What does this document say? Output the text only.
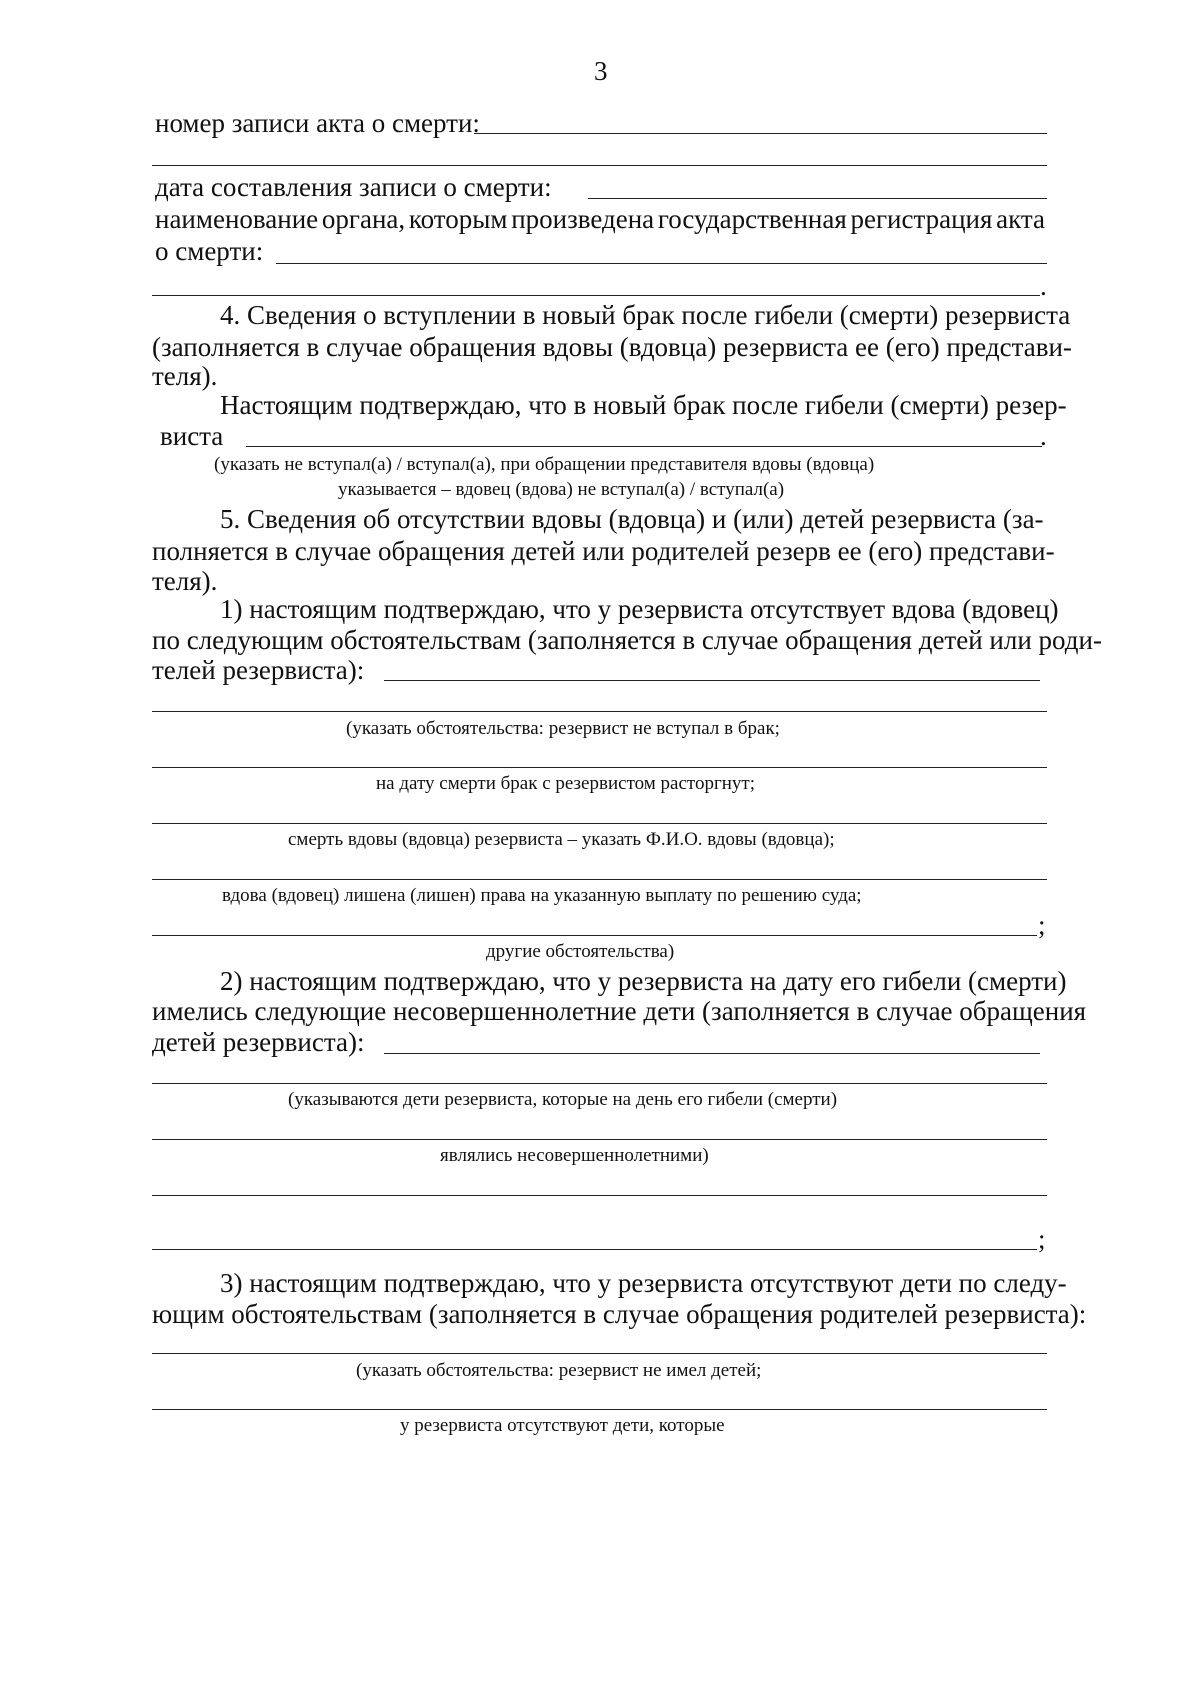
3
номер записи акта о смерти:
дата составления записи о смерти:
наименование органа, которым произведена государственная регистрация акта
о смерти:
.
4. Сведения о вступлении в новый брак после гибели (смерти) резервиста
(заполняется в случае обращения вдовы (вдовца) резервиста ее (его) представи-
теля).
Настоящим подтверждаю, что в новый брак после гибели (смерти) резер-
виста	.
(указать не вступал(а) / вступал(а), при обращении представителя вдовы (вдовца)
указывается – вдовец (вдова) не вступал(а) / вступал(а)
5. Сведения об отсутствии вдовы (вдовца) и (или) детей резервиста (за-
полняется в случае обращения детей или родителей резерв ее (его) представи-
теля).
1) настоящим подтверждаю, что у резервиста отсутствует вдова (вдовец)
по следующим обстоятельствам (заполняется в случае обращения детей или роди-
телей резервиста):
(указать обстоятельства: резервист не вступал в брак;
на дату смерти брак с резервистом расторгнут;
смерть вдовы (вдовца) резервиста – указать Ф.И.О. вдовы (вдовца);
вдова (вдовец) лишена (лишен) права на указанную выплату по решению суда;
;
другие обстоятельства)
2) настоящим подтверждаю, что у резервиста на дату его гибели (смерти)
имелись следующие несовершеннолетние дети (заполняется в случае обращения
детей резервиста):
(указываются дети резервиста, которые на день его гибели (смерти)
являлись несовершеннолетними)
;
3) настоящим подтверждаю, что у резервиста отсутствуют дети по следу-
ющим обстоятельствам (заполняется в случае обращения родителей резервиста):
(указать обстоятельства: резервист не имел детей;
у резервиста отсутствуют дети, которые
